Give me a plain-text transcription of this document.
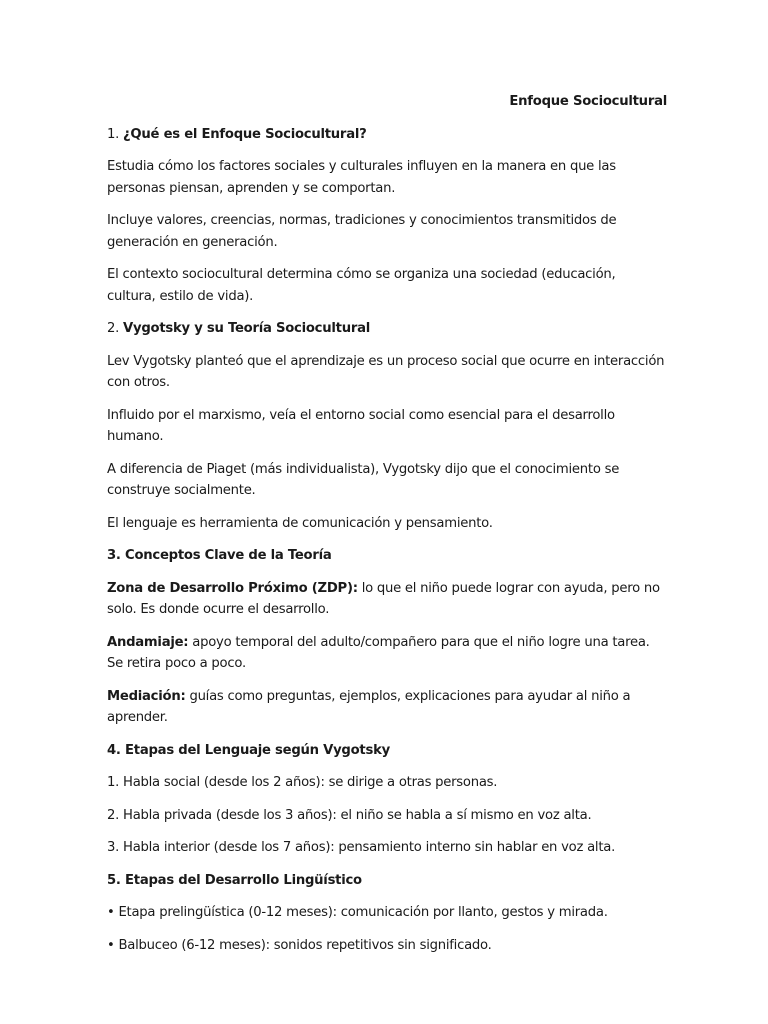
Enfoque Sociocultural

1. ¿Qué es el Enfoque Sociocultural?

Estudia cómo los factores sociales y culturales influyen en la manera en que las personas piensan, aprenden y se comportan.

Incluye valores, creencias, normas, tradiciones y conocimientos transmitidos de generación en generación.

El contexto sociocultural determina cómo se organiza una sociedad (educación, cultura, estilo de vida).

2. Vygotsky y su Teoría Sociocultural

Lev Vygotsky planteó que el aprendizaje es un proceso social que ocurre en interacción con otros.

Influido por el marxismo, veía el entorno social como esencial para el desarrollo humano.

A diferencia de Piaget (más individualista), Vygotsky dijo que el conocimiento se construye socialmente.

El lenguaje es herramienta de comunicación y pensamiento.

3. Conceptos Clave de la Teoría

Zona de Desarrollo Próximo (ZDP): lo que el niño puede lograr con ayuda, pero no solo. Es donde ocurre el desarrollo.

Andamiaje: apoyo temporal del adulto/compañero para que el niño logre una tarea. Se retira poco a poco.

Mediación: guías como preguntas, ejemplos, explicaciones para ayudar al niño a aprender.

4. Etapas del Lenguaje según Vygotsky

1. Habla social (desde los 2 años): se dirige a otras personas.

2. Habla privada (desde los 3 años): el niño se habla a sí mismo en voz alta.

3. Habla interior (desde los 7 años): pensamiento interno sin hablar en voz alta.

5. Etapas del Desarrollo Lingüístico

• Etapa prelingüística (0-12 meses): comunicación por llanto, gestos y mirada.

• Balbuceo (6-12 meses): sonidos repetitivos sin significado.
